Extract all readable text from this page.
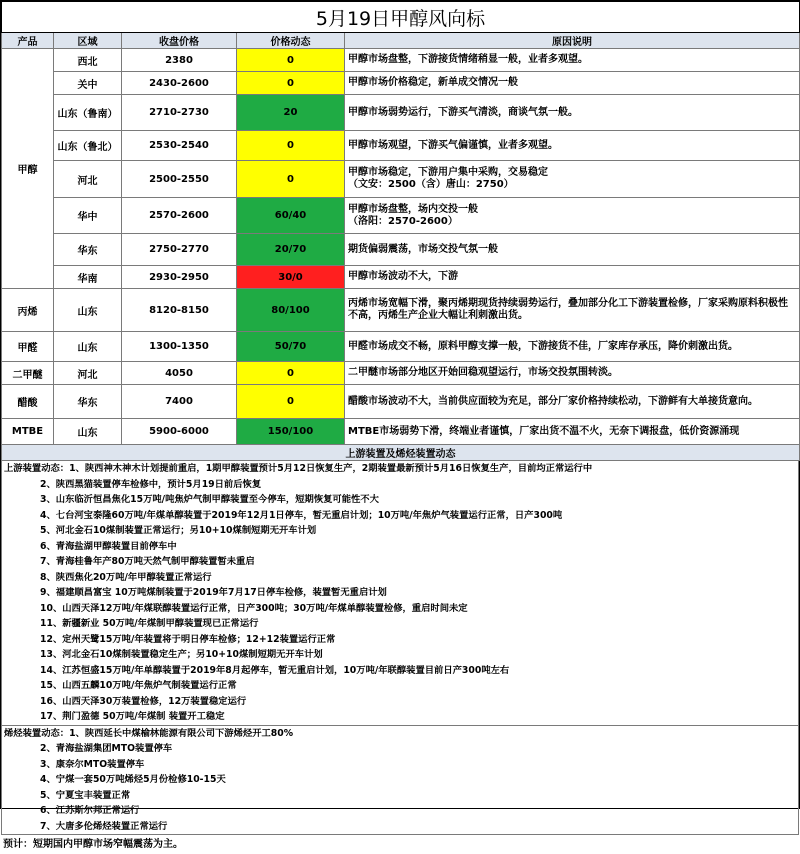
5月19日甲醇风向标				
产品	区域	收盘价格	价格动态	原因说明
甲醇	西北	2380	0	甲醇市场盘整，下游接货情绪稍显一般，业者多观望。

	关中	2430-2600	0	甲醇市场价格稳定，新单成交情况一般

	山东（鲁南）	2710-2730	20	甲醇市场弱势运行，下游买气清淡，商谈气氛一般。

	山东（鲁北）	2530-2540	0	甲醇市场观望，下游买气偏谨慎，业者多观望。

	河北	2500-2550	0	甲醇市场稳定，下游用户集中采购，交易稳定
（文安：2500（含）唐山：2750）

	华中	2570-2600	60/40	甲醇市场盘整，场内交投一般
（洛阳：2570-2600）

	华东	2750-2770	20/70	期货偏弱震荡，市场交投气氛一般

	华南	2930-2950	30/0	甲醇市场波动不大，下游

丙烯	山东	8120-8150	80/100	丙烯市场宽幅下滑，聚丙烯期现货持续弱势运行，叠加部分化工下游装置检修，厂家采购原料积极性不高，丙烯生产企业大幅让利刺激出货。

甲醛	山东	1300-1350	50/70	甲醛市场成交不畅，原料甲醇支撑一般，下游接货不佳，厂家库存承压，降价刺激出货。

二甲醚	河北	4050	0	二甲醚市场部分地区开始回稳观望运行，市场交投氛围转淡。

醋酸	华东	7400	0	醋酸市场波动不大，当前供应面较为充足，部分厂家价格持续松动，下游鲜有大单接货意向。

MTBE	山东	5900-6000	150/100	MTBE市场弱势下滑，终端业者谨慎，厂家出货不温不火，无奈下调报盘，低价资源涌现

上游装置及烯烃装置动态				
上游装置动态：1、陕西神木神木计划提前重启，1期甲醇装置预计5月12日恢复生产，2期装置最新预计5月16日恢复生产，目前均正常运行中
2、陕西黑猫装置停车检修中，预计5月19日前后恢复
3、山东临沂恒昌焦化15万吨/吨焦炉气制甲醇装置至今停车，短期恢复可能性不大
4、七台河宝泰隆60万吨/年煤单醇装置于2019年12月1日停车，暂无重启计划；10万吨/年焦炉气装置运行正常，日产300吨
5、河北金石10煤制装置正常运行；另10+10煤制短期无开车计划
6、青海盐湖甲醇装置目前停车中
7、青海桂鲁年产80万吨天然气制甲醇装置暂未重启
8、陕西焦化20万吨/年甲醇装置正常运行
9、福建顺昌富宝 10万吨煤制装置于2019年7月17日停车检修，装置暂无重启计划
10、山西天泽12万吨/年煤联醇装置运行正常，日产300吨；30万吨/年煤单醇装置检修，重启时间未定
11、新疆新业 50万吨/年煤制甲醇装置现已正常运行
12、定州天鹭15万吨/年装置将于明日停车检修；12+12装置运行正常
13、河北金石10煤制装置稳定生产；另10+10煤制短期无开车计划
14、江苏恒盛15万吨/年单醇装置于2019年8月起停车，暂无重启计划，10万吨/年联醇装置目前日产300吨左右
15、山西五麟10万吨/年焦炉气制装置运行正常
16、山西天泽30万装置检修，12万装置稳定运行
17、荆门盈德 50万吨/年煤制 装置开工稳定
烯烃装置动态：1、陕西延长中煤榆林能源有限公司下游烯烃开工80%
2、青海盐湖集团MTO装置停车
3、康奈尔MTO装置停车
4、宁煤一套50万吨烯烃5月份检修10-15天
5、宁夏宝丰装置正常
6、江苏斯尔邦正常运行
7、大唐多伦烯烃装置正常运行
预计：短期国内甲醇市场窄幅震荡为主。
